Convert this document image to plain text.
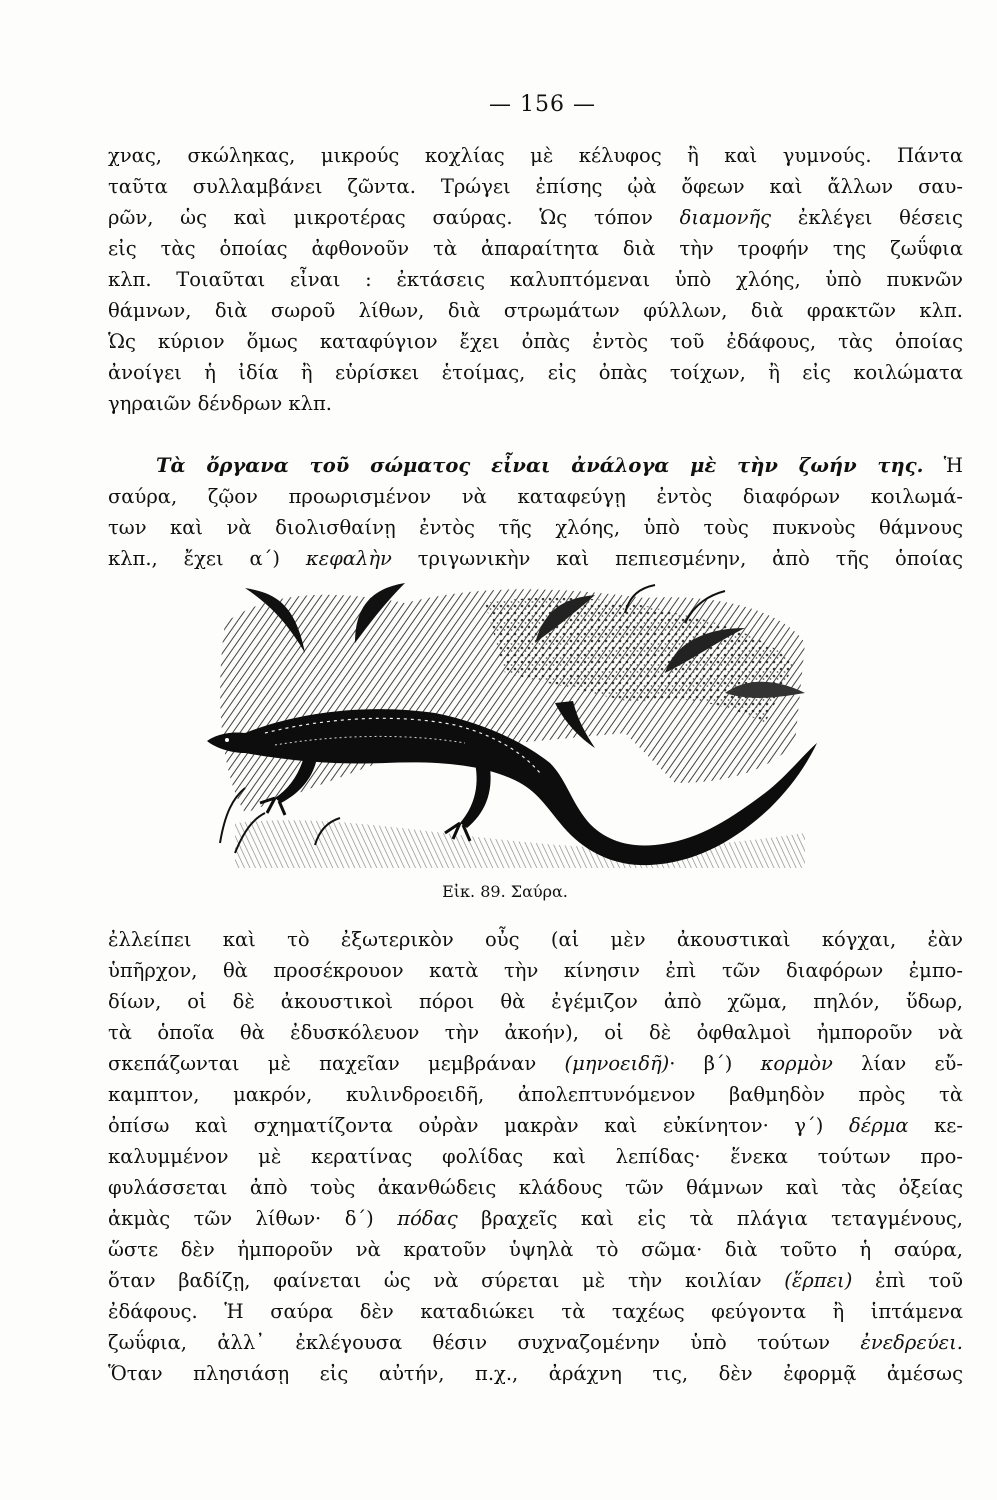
— 156 —
χνας, σκώληκας, μικρούς κοχλίας μὲ κέλυφος ἢ καὶ γυμνούς. Πάντα
ταῦτα συλλαμβάνει ζῶντα. Τρώγει ἐπίσης ᾠὰ ὄφεων καὶ ἄλλων σαυ-
ρῶν, ὡς καὶ μικροτέρας σαύρας. Ὡς τόπον διαμονῆς ἐκλέγει θέσεις
εἰς τὰς ὁποίας ἀφθονοῦν τὰ ἀπαραίτητα διὰ τὴν τροφήν της ζωΰφια
κλπ. Τοιαῦται εἶναι : ἐκτάσεις καλυπτόμεναι ὑπὸ χλόης, ὑπὸ πυκνῶν
θάμνων, διὰ σωροῦ λίθων, διὰ στρωμάτων φύλλων, διὰ φρακτῶν κλπ.
Ὡς κύριον ὅμως καταφύγιον ἔχει ὀπὰς ἐντὸς τοῦ ἐδάφους, τὰς ὁποίας
ἀνοίγει ἡ ἰδία ἢ εὑρίσκει ἑτοίμας, εἰς ὀπὰς τοίχων, ἢ εἰς κοιλώματα
γηραιῶν δένδρων κλπ.
Τὰ ὄργανα τοῦ σώματος εἶναι ἀνάλογα μὲ τὴν ζωήν της. Ἡ
σαύρα, ζῷον προωρισμένον νὰ καταφεύγῃ ἐντὸς διαφόρων κοιλωμά-
των καὶ νὰ διολισθαίνῃ ἐντὸς τῆς χλόης, ὑπὸ τοὺς πυκνοὺς θάμνους
κλπ., ἔχει α΄) κεφαλὴν τριγωνικὴν καὶ πεπιεσμένην, ἀπὸ τῆς ὁποίας
Εἰκ. 89. Σαύρα.
ἐλλείπει καὶ τὸ ἐξωτερικὸν οὖς (αἱ μὲν ἀκουστικαὶ κόγχαι, ἐὰν
ὑπῆρχον, θὰ προσέκρουον κατὰ τὴν κίνησιν ἐπὶ τῶν διαφόρων ἐμπο-
δίων, οἱ δὲ ἀκουστικοὶ πόροι θὰ ἐγέμιζον ἀπὸ χῶμα, πηλόν, ὕδωρ,
τὰ ὁποῖα θὰ ἐδυσκόλευον τὴν ἀκοήν), οἱ δὲ ὀφθαλμοὶ ἠμποροῦν νὰ
σκεπάζωνται μὲ παχεῖαν μεμβράναν (μηνοειδῆ)· β΄) κορμὸν λίαν εὔ-
καμπτον, μακρόν, κυλινδροειδῆ, ἀπολεπτυνόμενον βαθμηδὸν πρὸς τὰ
ὀπίσω καὶ σχηματίζοντα οὐρὰν μακρὰν καὶ εὐκίνητον· γ΄) δέρμα κε-
καλυμμένον μὲ κερατίνας φολίδας καὶ λεπίδας· ἕνεκα τούτων προ-
φυλάσσεται ἀπὸ τοὺς ἀκανθώδεις κλάδους τῶν θάμνων καὶ τὰς ὀξείας
ἀκμὰς τῶν λίθων· δ΄) πόδας βραχεῖς καὶ εἰς τὰ πλάγια τεταγμένους,
ὥστε δὲν ἠμποροῦν νὰ κρατοῦν ὑψηλὰ τὸ σῶμα· διὰ τοῦτο ἡ σαύρα,
ὅταν βαδίζῃ, φαίνεται ὡς νὰ σύρεται μὲ τὴν κοιλίαν (ἕρπει) ἐπὶ τοῦ
ἐδάφους. Ἡ σαύρα δὲν καταδιώκει τὰ ταχέως φεύγοντα ἢ ἱπτάμενα
ζωΰφια, ἀλλ᾽ ἐκλέγουσα θέσιν συχναζομένην ὑπὸ τούτων ἐνεδρεύει.
Ὅταν πλησιάσῃ εἰς αὐτήν, π.χ., ἀράχνη τις, δὲν ἐφορμᾷ ἀμέσως
